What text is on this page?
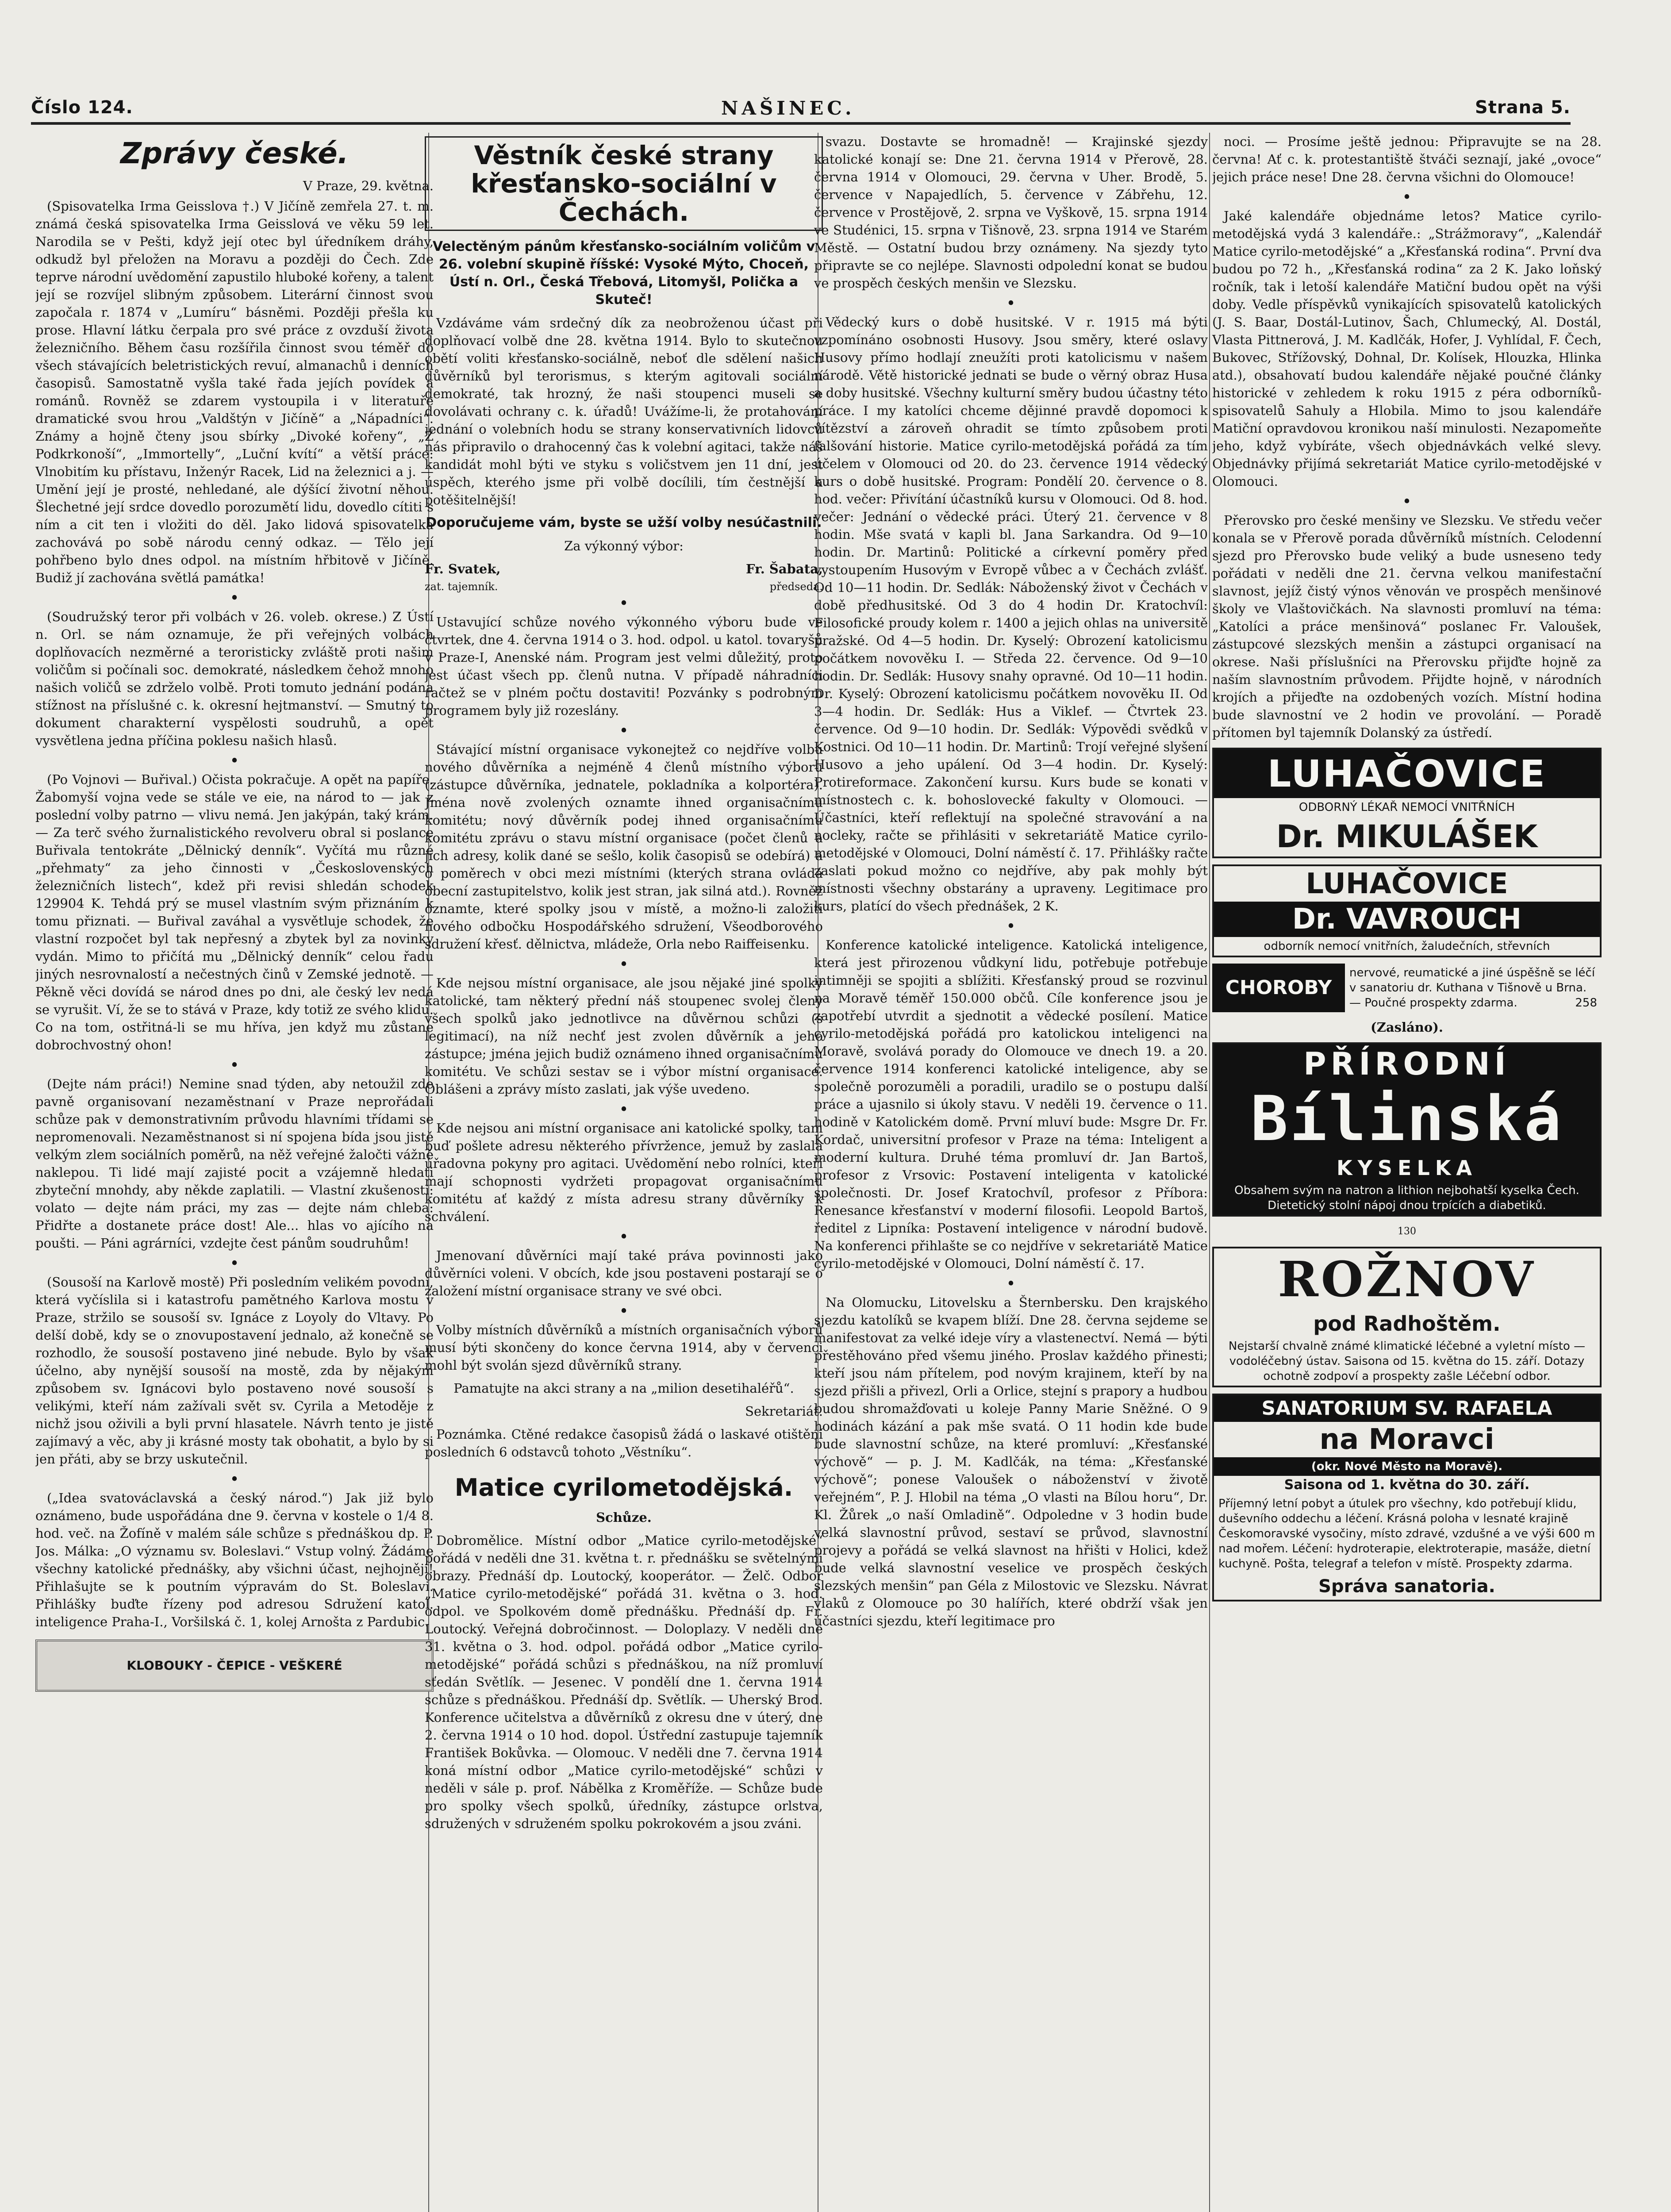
Číslo 124.	NAŠINEC.	Strana 5.
Zprávy české.
V Praze, 29. května.

(Spisovatelka Irma Geisslova †.) V Jičíně zemřela 27. t. m. známá česká spisovatelka Irma Geisslová ve věku 59 let. Narodila se v Pešti, když její otec byl úředníkem dráhy, odkudž byl přeložen na Moravu a později do Čech. Zde teprve národní uvědomění zapustilo hluboké kořeny, a talent její se rozvíjel slibným způsobem. Literární činnost svou započala r. 1874 v „Lumíru“ básněmi. Později přešla ku prose. Hlavní látku čerpala pro své práce z ovzduší života železničního. Během času rozšířila činnost svou téměř do všech stávajících beletristických revuí, almanachů i denních časopisů. Samostatně vyšla také řada jejích povídek a románů. Rovněž se zdarem vystoupila i v literatuře dramatické svou hrou „Valdštýn v Jičíně“ a „Nápadníci“. Známy a hojně čteny jsou sbírky „Divoké kořeny“, „Z Podkrkonoší“, „Immortelly“, „Luční kvítí“ a větší práce: Vlnobitím ku přístavu, Inženýr Racek, Lid na železnici a j. — Umění její je prosté, nehledané, ale dýšící životní něhou. Šlechetné její srdce dovedlo porozumětí lidu, dovedlo cítiti s ním a cit ten i vložiti do děl. Jako lidová spisovatelka zachovává po sobě národu cenný odkaz. — Tělo její pohřbeno bylo dnes odpol. na místním hřbitově v Jičíně. Budiž jí zachována světlá památka!

•

(Soudružský teror při volbách v 26. voleb. okrese.) Z Ústí n. Orl. se nám oznamuje, že při veřejných volbách doplňovacích nezměrné a teroristicky zvláště proti našim voličům si počínali soc. demokraté, následkem čehož mnoho našich voličů se zdrželo volbě. Proti tomuto jednání podána stížnost na příslušné c. k. okresní hejtmanství. — Smutný to dokument charakterní vyspělosti soudruhů, a opět vysvětlena jedna příčina poklesu našich hlasů.

•

(Po Vojnovi — Buřival.) Očista pokračuje. A opět na papíře. Žabomyší vojna vede se stále ve eie, na národ to — jak z poslední volby patrno — vlivu nemá. Jen jakýpán, taký krám. — Za terč svého žurnalistického revolveru obral si poslance Buřivala tentokráte „Dělnický denník“. Vyčítá mu různé „přehmaty“ za jeho činnosti v „Československých železničních listech“, kdež při revisi shledán schodek 129904 K. Tehdá prý se musel vlastním svým přiznáním k tomu přiznati. — Buřival zaváhal a vysvětluje schodek, že vlastní rozpočet byl tak nepřesný a zbytek byl za novinky vydán. Mimo to přičítá mu „Dělnický denník“ celou řadu jiných nesrovnalostí a nečestných činů v Zemské jednotě. — Pěkně věci dovídá se národ dnes po dni, ale český lev nedá se vyrušit. Ví, že se to stává v Praze, kdy totiž ze svého klidu. Co na tom, ostřitná-li se mu hříva, jen když mu zůstane dobrochvostný ohon!

•

(Dejte nám práci!) Nemine snad týden, aby netoužil zde pavně organisovaní nezaměstnaní v Praze neprořádali schůze pak v demonstrativním průvodu hlavními třídami se nepromenovali. Nezaměstnanost si ní spojena bída jsou jistě velkým zlem sociálních poměrů, na něž veřejné žaločti vážně naklepou. Ti lidé mají zajisté pocit a vzájemně hledati zbyteční mnohdy, aby někde zaplatili. — Vlastní zkušenosti: volato — dejte nám práci, my zas — dejte nám chleba: Přidřte a dostanete práce dost! Ale... hlas vo ajícího na poušti. — Páni agrárníci, vzdejte čest pánům soudruhům!

•

(Sousoší na Karlově mostě) Při posledním velikém povodni, která vyčíslila si i katastrofu pamětného Karlova mostu v Praze, stržilo se sousoší sv. Ignáce z Loyoly do Vltavy. Po delší době, kdy se o znovupostavení jednalo, až konečně se rozhodlo, že sousoší postaveno jiné nebude. Bylo by však účelno, aby nynější sousoší na mostě, zda by nějakým způsobem sv. Ignácovi bylo postaveno nové sousoší s velikými, kteří nám zažívali svět sv. Cyrila a Metoděje z nichž jsou oživili a byli první hlasatele. Návrh tento je jistě zajímavý a věc, aby ji krásné mosty tak obohatit, a bylo by si jen přáti, aby se brzy uskutečnil.

•

(„Idea svatováclavská a český národ.“) Jak již bylo oznámeno, bude uspořádána dne 9. června v kostele o 1/4 8. hod. več. na Žofíně v malém sále schůze s přednáškou dp. P. Jos. Málka: „O významu sv. Boleslavi.“ Vstup volný. Žádáme všechny katolické přednášky, aby všichni účast, nejhojněji! Přihlašujte se k poutním výpravám do St. Boleslavi. Přihlášky buďte řízeny pod adresou Sdružení katol. inteligence Praha-I., Voršilská č. 1, kolej Arnošta z Pardubic.

KLOBOUKY - ČEPICE - VEŠKERÉ
Věstník české strany křesťansko-sociální v Čechách.

Velectěným pánům křesťansko-sociálním voličům v 26. volební skupině říšské: Vysoké Mýto, Choceň, Ústí n. Orl., Česká Třebová, Litomyšl, Polička a Skuteč!

Vzdáváme vám srdečný dík za neobroženou účast při doplňovací volbě dne 28. května 1914. Bylo to skutečnou obětí voliti křesťansko-sociálně, neboť dle sdělení našich důvěrníků byl terorismus, s kterým agitovali sociální demokraté, tak hrozný, že naši stoupenci museli se dovolávati ochrany c. k. úřadů! Uvážíme-li, že protahování jednání o volebních hodu se strany konservativních lidovců nás připravilo o drahocenný čas k volební agitaci, takže náš kandidát mohl býti ve styku s voličstvem jen 11 dní, jest úspěch, kterého jsme při volbě docílili, tím čestnější a potěšitelnější!

Doporučujeme vám, byste se užší volby nesúčastnili.

Za výkonný výbor:

Fr. Svatek,	Fr. Šabata,
zat. tajemník.	předseda.
•

Ustavující schůze nového výkonného výboru bude ve čtvrtek, dne 4. června 1914 o 3. hod. odpol. u katol. tovaryšů v Praze-I, Anenské nám. Program jest velmi důležitý, proto jest účast všech pp. členů nutna. V případě náhradníci račtež se v plném počtu dostaviti! Pozvánky s podrobným programem byly již rozeslány.

•

Stávající místní organisace vykonejtež co nejdříve volbu nového důvěrníka a nejméně 4 členů místního výboru (zástupce důvěrníka, jednatele, pokladníka a kolportéra). Jména nově zvolených oznamte ihned organisačnímu komitétu; nový důvěrník podej ihned organisačnímu komitétu zprávu o stavu místní organisace (počet členů a jich adresy, kolik dané se sešlo, kolik časopisů se odebírá) a o poměrech v obci mezi místními (kterých strana ovládá obecní zastupitelstvo, kolik jest stran, jak silná atd.). Rovněž oznamte, které spolky jsou v místě, a možno-li založiti nového odbočku Hospodářského sdružení, Všeodborového sdružení křesť. dělnictva, mládeže, Orla nebo Raiffeisenku.

•

Kde nejsou místní organisace, ale jsou nějaké jiné spolky katolické, tam některý přední náš stoupenec svolej členy všech spolků jako jednotlivce na důvěrnou schůzi (s legitimací), na níž nechť jest zvolen důvěrník a jeho zástupce; jména jejich budiž oznámeno ihned organisačnímu komitétu. Ve schůzi sestav se i výbor místní organisace. Oblášeni a zprávy místo zaslati, jak výše uvedeno.

•

Kde nejsou ani místní organisace ani katolické spolky, tam buď pošlete adresu některého přívržence, jemuž by zaslala úřadovna pokyny pro agitaci. Uvědomění nebo rolníci, kteří mají schopnosti vydržeti propagovat organisačnímu komitétu ať každý z místa adresu strany důvěrníky k schválení.

•

Jmenovaní důvěrníci mají také práva povinnosti jako důvěrníci voleni. V obcích, kde jsou postaveni postarají se o založení místní organisace strany ve své obci.

•

Volby místních důvěrníků a místních organisačních výborů musí býti skončeny do konce června 1914, aby v červenci mohl být svolán sjezd důvěrníků strany.

Pamatujte na akci strany a na „milion desetihaléřů“.

Sekretariát.

Poznámka. Ctěné redakce časopisů žádá o laskavé otištění posledních 6 odstavců tohoto „Věstníku“.

Matice cyrilometodějská.

Schůze.

Dobromělice. Místní odbor „Matice cyrilo-metodějské“ pořádá v neděli dne 31. května t. r. přednášku se světelnými obrazy. Přednáší dp. Loutocký, kooperátor. — Želč. Odbor „Matice cyrilo-metodějské“ pořádá 31. května o 3. hod. odpol. ve Spolkovém domě přednášku. Přednáší dp. Fr. Loutocký. Veřejná dobročinnost. — Doloplazy. V neděli dne 31. května o 3. hod. odpol. pořádá odbor „Matice cyrilo-metodějské“ pořádá schůzi s přednáškou, na níž promluví sťedán Světlík. — Jesenec. V pondělí dne 1. června 1914 schůze s přednáškou. Přednáší dp. Světlík. — Uherský Brod. Konference učitelstva a důvěrníků z okresu dne v úterý, dne 2. června 1914 o 10 hod. dopol. Ústřední zastupuje tajemník František Bokůvka. — Olomouc. V neděli dne 7. června 1914 koná místní odbor „Matice cyrilo-metodějské“ schůzi v neděli v sále p. prof. Nábělka z Kroměříže. — Schůze bude pro spolky všech spolků, úředníky, zástupce orlstva, sdružených v sdruženém spolku pokrokovém a jsou zváni.

svazu. Dostavte se hromadně! — Krajinské sjezdy katolické konají se: Dne 21. června 1914 v Přerově, 28. června 1914 v Olomouci, 29. června v Uher. Brodě, 5. července v Napajedlích, 5. července v Zábřehu, 12. července v Prostějově, 2. srpna ve Vyškově, 15. srpna 1914 ve Studénici, 15. srpna v Tišnově, 23. srpna 1914 ve Starém Městě. — Ostatní budou brzy oznámeny. Na sjezdy tyto připravte se co nejlépe. Slavnosti odpolední konat se budou ve prospěch českých menšin ve Slezsku.

•

Vědecký kurs o době husitské. V r. 1915 má býti vzpomínáno osobnosti Husovy. Jsou směry, které oslavy Husovy přímo hodlají zneužíti proti katolicismu v našem národě. Větě historické jednati se bude o věrný obraz Husa a doby husitské. Všechny kulturní směry budou účastny této práce. I my katolíci chceme dějinné pravdě dopomoci k vítězství a zároveň ohradit se tímto způsobem proti falšování historie. Matice cyrilo-metodějská pořádá za tím účelem v Olomouci od 20. do 23. července 1914 vědecký kurs o době husitské. Program: Pondělí 20. července o 8. hod. večer: Přivítání účastníků kursu v Olomouci. Od 8. hod. večer: Jednání o vědecké práci. Úterý 21. července v 8 hodin. Mše svatá v kapli bl. Jana Sarkandra. Od 9—10 hodin. Dr. Martinů: Politické a církevní poměry před vystoupením Husovým v Evropě vůbec a v Čechách zvlášť. Od 10—11 hodin. Dr. Sedlák: Náboženský život v Čechách v době předhusitské. Od 3 do 4 hodin Dr. Kratochvíl: Filosofické proudy kolem r. 1400 a jejich ohlas na universitě pražské. Od 4—5 hodin. Dr. Kyselý: Obrození katolicismu počátkem novověku I. — Středa 22. července. Od 9—10 hodin. Dr. Sedlák: Husovy snahy opravné. Od 10—11 hodin. Dr. Kyselý: Obrození katolicismu počátkem novověku II. Od 3—4 hodin. Dr. Sedlák: Hus a Viklef. — Čtvrtek 23. července. Od 9—10 hodin. Dr. Sedlák: Výpovědi svědků v Kostnici. Od 10—11 hodin. Dr. Martinů: Trojí veřejné slyšení Husovo a jeho upálení. Od 3—4 hodin. Dr. Kyselý: Protireformace. Zakončení kursu. Kurs bude se konati v místnostech c. k. bohoslovecké fakulty v Olomouci. — Účastníci, kteří reflektují na společné stravování a na nocleky, račte se přihlásiti v sekretariátě Matice cyrilo-metodějské v Olomouci, Dolní náměstí č. 17. Přihlášky račte zaslati pokud možno co nejdříve, aby pak mohly být místnosti všechny obstarány a upraveny. Legitimace pro kurs, platící do všech přednášek, 2 K.

•

Konference katolické inteligence. Katolická inteligence, která jest přirozenou vůdkyní lidu, potřebuje potřebuje intimněji se spojiti a sblížiti. Křesťanský proud se rozvinul na Moravě téměř 150.000 občů. Cíle konference jsou je zapotřebí utvrdit a sjednotit a vědecké posílení. Matice cyrilo-metodějská pořádá pro katolickou inteligenci na Moravě, svolává porady do Olomouce ve dnech 19. a 20. července 1914 konferenci katolické inteligence, aby se společně porozuměli a poradili, uradilo se o postupu další práce a ujasnilo si úkoly stavu. V neděli 19. července o 11. hodině v Katolickém domě. První mluví bude: Msgre Dr. Fr. Kordač, universitní profesor v Praze na téma: Inteligent a moderní kultura. Druhé téma promluví dr. Jan Bartoš, profesor z Vrsovic: Postavení inteligenta v katolické společnosti. Dr. Josef Kratochvíl, profesor z Příbora: Renesance křesťanství v moderní filosofii. Leopold Bartoš, ředitel z Lipníka: Postavení inteligence v národní budově. Na konferenci přihlašte se co nejdříve v sekretariátě Matice cyrilo-metodějské v Olomouci, Dolní náměstí č. 17.

•

Na Olomucku, Litovelsku a Šternbersku. Den krajského sjezdu katolíků se kvapem blíží. Dne 28. června sejdeme se manifestovat za velké ideje víry a vlastenectví. Nemá — býti přestěhováno před všemu jiného. Proslav každého přinesti; kteří jsou nám přítelem, pod novým krajinem, kteří by na sjezd přišli a přivezl, Orli a Orlice, stejní s prapory a hudbou budou shromažďovati u koleje Panny Marie Sněžné. O 9 hodinách kázání a pak mše svatá. O 11 hodin kde bude bude slavnostní schůze, na které promluví: „Křesťanské výchově“ — p. J. M. Kadlčák, na téma: „Křesťanské výchově“; ponese Valoušek o náboženství v životě veřejném“, P. J. Hlobil na téma „O vlasti na Bílou horu“, Dr. Kl. Žůrek „o naší Omladině“. Odpoledne v 3 hodin bude velká slavnostní průvod, sestaví se průvod, slavnostní projevy a pořádá se velká slavnost na hřišti v Holici, kdež bude velká slavnostní veselice ve prospěch českých slezských menšin“ pan Géla z Milostovic ve Slezsku. Návrat vlaků z Olomouce po 30 halířích, které obdrží však jen účastníci sjezdu, kteří legitimace pro

noci. — Prosíme ještě jednou: Připravujte se na 28. června! Ať c. k. protestantiště štváči seznají, jaké „ovoce“ jejich práce nese! Dne 28. června všichni do Olomouce!

•

Jaké kalendáře objednáme letos? Matice cyrilo-metodějská vydá 3 kalendáře.: „Strážmoravy“, „Kalendář Matice cyrilo-metodějské“ a „Křesťanská rodina“. První dva budou po 72 h., „Křesťanská rodina“ za 2 K. Jako loňský ročník, tak i letoší kalendáře Matiční budou opět na výši doby. Vedle příspěvků vynikajících spisovatelů katolických (J. S. Baar, Dostál-Lutinov, Šach, Chlumecký, Al. Dostál, Vlasta Pittnerová, J. M. Kadlčák, Hofer, J. Vyhlídal, F. Čech, Bukovec, Střížovský, Dohnal, Dr. Kolísek, Hlouzka, Hlinka atd.), obsahovatí budou kalendáře nějaké poučné články historické v zehledem k roku 1915 z péra odborníků-spisovatelů Sahuly a Hlobila. Mimo to jsou kalendáře Matiční opravdovou kronikou naší minulosti. Nezapomeňte jeho, když vybíráte, všech objednávkách velké slevy. Objednávky přijímá sekretariát Matice cyrilo-metodějské v Olomouci.

•

Přerovsko pro české menšiny ve Slezsku. Ve středu večer konala se v Přerově porada důvěrníků místních. Celodenní sjezd pro Přerovsko bude veliký a bude usneseno tedy pořádati v neděli dne 21. června velkou manifestační slavnost, jejíž čistý výnos věnován ve prospěch menšinové školy ve Vlaštovičkách. Na slavnosti promluví na téma: „Katolíci a práce menšinová“ poslanec Fr. Valoušek, zástupcové slezských menšin a zástupci organisací na okrese. Naši příslušníci na Přerovsku přijďte hojně za naším slavnostním průvodem. Přijdte hojně, v národních krojích a přijeďte na ozdobených vozích. Místní hodina bude slavnostní ve 2 hodin ve provolání. — Poradě přítomen byl tajemník Dolanský za ústředí.

LUHAČOVICE
ODBORNÝ LÉKAŘ NEMOCÍ VNITŘNÍCH
Dr. MIKULÁŠEK
LUHAČOVICE
Dr. VAVROUCH
odborník nemocí vnitřních, žaludečních, střevních
CHOROBY
nervové, reumatické a jiné úspěšně se léčí v sanatoriu dr. Kuthana v Tišnově u Brna. — Poučné prospekty zdarma.	258

(Zasláno).

PŘÍRODNÍ
Bílinská
KYSELKA
Obsahem svým na natron a lithion nejbohatší kyselka Čech. Dietetický stolní nápoj dnou trpících a diabetiků.
130
ROŽNOV
pod Radhoštěm.
Nejstarší chvalně známé klimatické léčebné a vyletní místo — vodoléčebný ústav. Saisona od 15. května do 15. září. Dotazy ochotně zodpoví a prospekty zašle Léčební odbor.
SANATORIUM SV. RAFAELA
na Moravci
(okr. Nové Město na Moravě).
Saisona od 1. května do 30. září.
Příjemný letní pobyt a útulek pro všechny, kdo potřebují klidu, duševního oddechu a léčení. Krásná poloha v lesnaté krajině Českomoravské vysočiny, místo zdravé, vzdušné a ve výši 600 m nad mořem. Léčení: hydroterapie, elektroterapie, masáže, dietní kuchyně. Pošta, telegraf a telefon v místě. Prospekty zdarma.
Správa sanatoria.
